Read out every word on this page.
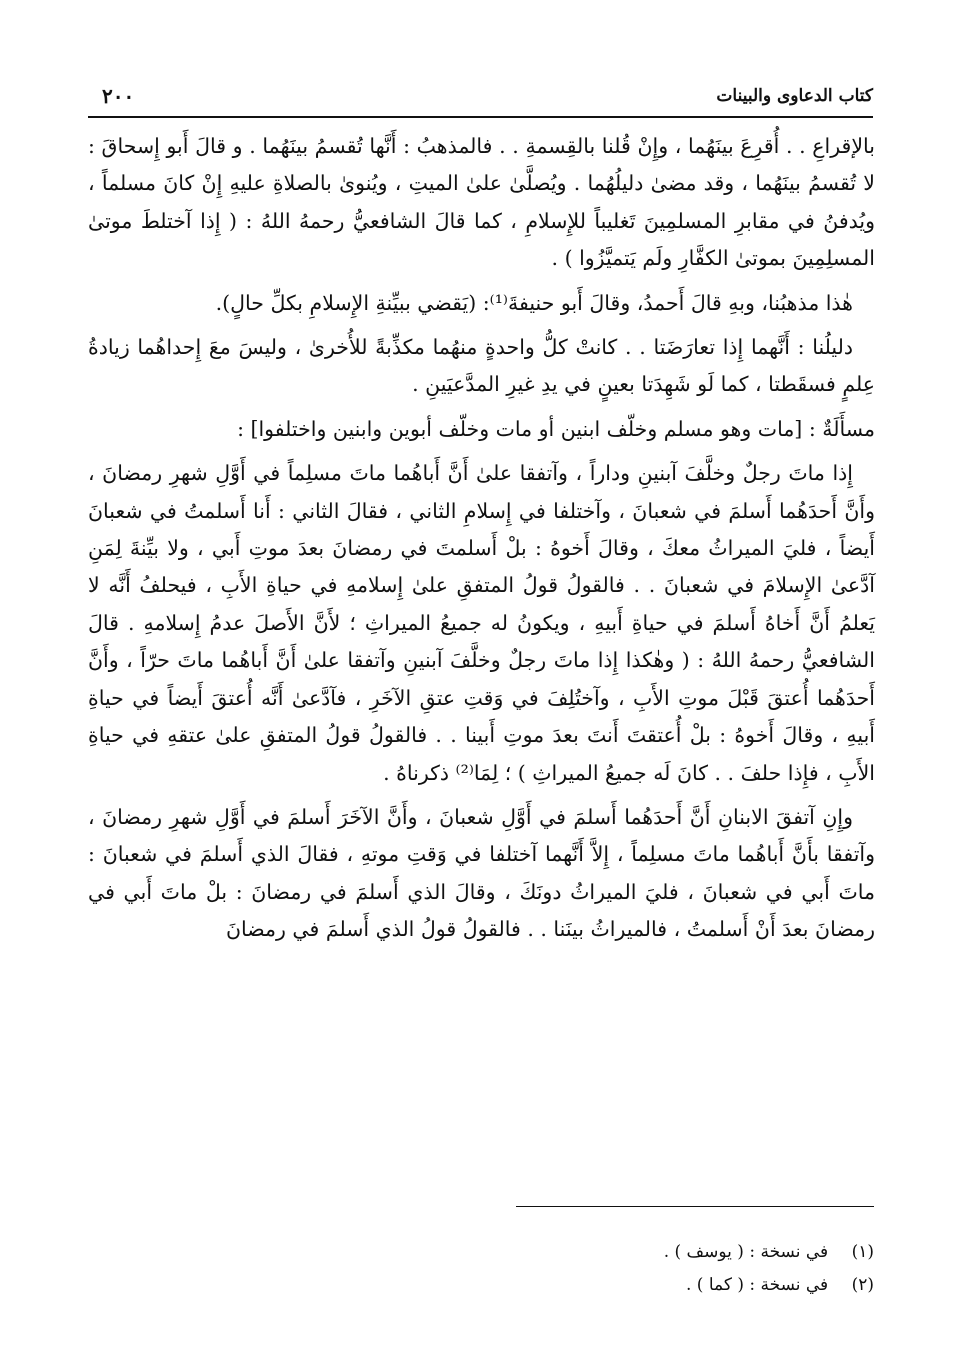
كتاب الدعاوى والبينات
٢٠٠

بالإقراعِ . . أُقرِعَ بينَهُما ، وإِنْ قُلنا بالقِسمةِ . . فالمذهبُ : أَنَّها تُقسمُ بينَهُما . و قالَ أَبو إِسحاقَ : لا تُقسمُ بينَهُما ، وقد مضىٰ دليلُهُما . ويُصلَّىٰ علىٰ الميتِ ، ويُنوىٰ بالصلاةِ عليهِ إِنْ كانَ مسلماً ، ويُدفنُ في مقابرِ المسلمِينَ تَغليباً للإِسلامِ ، كما قالَ الشافعيُّ رحمهُ اللهُ : ( إِذا آختلطَ موتىٰ المسلِمِينَ بموتىٰ الكفَّارِ ولَم يَتميَّزُوا ) .

هٰذا مذهبُنا، وبهِ قالَ أَحمدُ، وقالَ أَبو حنيفةَ⁽¹⁾: (يَقضي ببيِّنةِ الإِسلامِ بكلِّ حالٍ).

دليلُنا : أَنَّهما إِذا تعارَضَتا . . كانتْ كلُّ واحدةٍ منهُما مكذِّبةً للأُخرىٰ ، وليسَ معَ إِحداهُما زيادةُ عِلمٍ فسقَطتا ، كما لَو شَهِدَتا بعينٍ في يدِ غيرِ المدَّعيَينِ .

مسأَلَةٌ : [مات وهو مسلم وخلّف ابنين أو مات وخلّف أبوين وابنين واختلفوا] :

إِذا ماتَ رجلٌ وخلَّفَ آبنينِ وداراً ، وآتفقا علىٰ أَنَّ أَباهُما ماتَ مسلِماً في أَوَّلِ شهرِ رمضانَ ، وأَنَّ أَحدَهُما أَسلمَ في شعبانَ ، وآختلفا في إِسلامِ الثاني ، فقالَ الثاني : أَنا أَسلمتُ في شعبانَ أَيضاً ، فليَ الميراثُ معكَ ، وقالَ أَخوهُ : بلْ أَسلمتَ في رمضانَ بعدَ موتِ أَبي ، ولا بيِّنةَ لِمَنِ آدَّعىٰ الإِسلامَ في شعبانَ . . فالقولُ قولُ المتفقِ علىٰ إِسلامهِ في حياةِ الأَبِ ، فيحلفُ أَنَّه لا يَعلمُ أَنَّ أَخاهُ أَسلمَ في حياةِ أَبيهِ ، ويكونُ له جميعُ الميراثِ ؛ لأَنَّ الأَصلَ عدمُ إِسلامهِ . قالَ الشافعيُّ رحمهُ اللهُ : ( وهٰكذا إِذا ماتَ رجلٌ وخلَّفَ آبنينِ وآتفقا علىٰ أَنَّ أَباهُما ماتَ حرّاً ، وأَنَّ أَحدَهُما أُعتقَ قَبْلَ موتِ الأَبِ ، وآختُلِفَ في وَقتِ عتقِ الآخَرِ ، فآدَّعىٰ أَنَّه أُعتقَ أَيضاً في حياةِ أَبيهِ ، وقالَ أَخوهُ : بلْ أُعتقتَ أَنتَ بعدَ موتِ أَبينا . . فالقولُ قولُ المتفقِ علىٰ عتقهِ في حياةِ الأَبِ ، فإِذا حلفَ . . كانَ لَه جميعُ الميراثِ ) ؛ لِمَا⁽²⁾ ذكرناهُ .

وإِنِ آتفقَ الابنانِ أَنَّ أَحدَهُما أَسلمَ في أَوَّلِ شعبانَ ، وأَنَّ الآخَرَ أَسلمَ في أَوَّلِ شهرِ رمضانَ ، وآتفقا بأَنَّ أَباهُما ماتَ مسلِماً ، إِلاَّ أَنَّهما آختلفا في وَقتِ موتهِ ، فقالَ الذي أَسلمَ في شعبانَ : ماتَ أَبي في شعبانَ ، فليَ الميراثُ دونَكَ ، وقالَ الذي أَسلمَ في رمضانَ : بلْ ماتَ أَبي في رمضانَ بعدَ أَنْ أَسلمتُ ، فالميراثُ بينَنا . . فالقولُ قولُ الذي أَسلمَ في رمضانَ

(١) في نسخة : ( يوسف ) .
(٢) في نسخة : ( كما ) .
